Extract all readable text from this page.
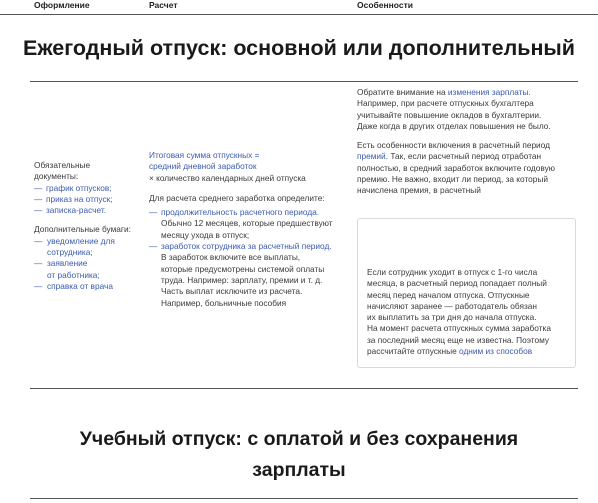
Оформление	Расчет	Особенности
Ежегодный отпуск: основной или дополнительный
Обязательные
документы:
— график отпусков;
— приказ на отпуск;
— записка-расчет.
Дополнительные бумаги:
— уведомление для
сотрудника;
— заявление
от работника;
— справка от врача
Итоговая сумма отпускных =
средний дневной заработок
× количество календарных дней отпуска
Для расчета среднего заработка определите:
— продолжительность расчетного периода.
Обычно 12 месяцев, которые предшествуют
месяцу ухода в отпуск;
— заработок сотрудника за расчетный период.
В заработок включите все выплаты,
которые предусмотрены системой оплаты
труда. Например: зарплату, премии и т. д.
Часть выплат исключите из расчета.
Например, больничные пособия

Обратите внимание на изменения зарплаты.
Например, при расчете отпускных бухгалтера
учитывайте повышение окладов в бухгалтерии.
Даже когда в других отделах повышения не было.

Есть особенности включения в расчетный период
премий. Так, если расчетный период отработан
полностью, в средний заработок включите годовую
премию. Не важно, входит ли период, за который
начислена премия, в расчетный

Если сотрудник уходит в отпуск с 1-го числа
месяца, в расчетный период попадает полный
месяц перед началом отпуска. Отпускные
начисляют заранее — работодатель обязан
их выплатить за три дня до начала отпуска.
На момент расчета отпускных сумма заработка
за последний месяц еще не известна. Поэтому
рассчитайте отпускные одним из способов
Учебный отпуск: с оплатой и без сохранения
зарплаты
